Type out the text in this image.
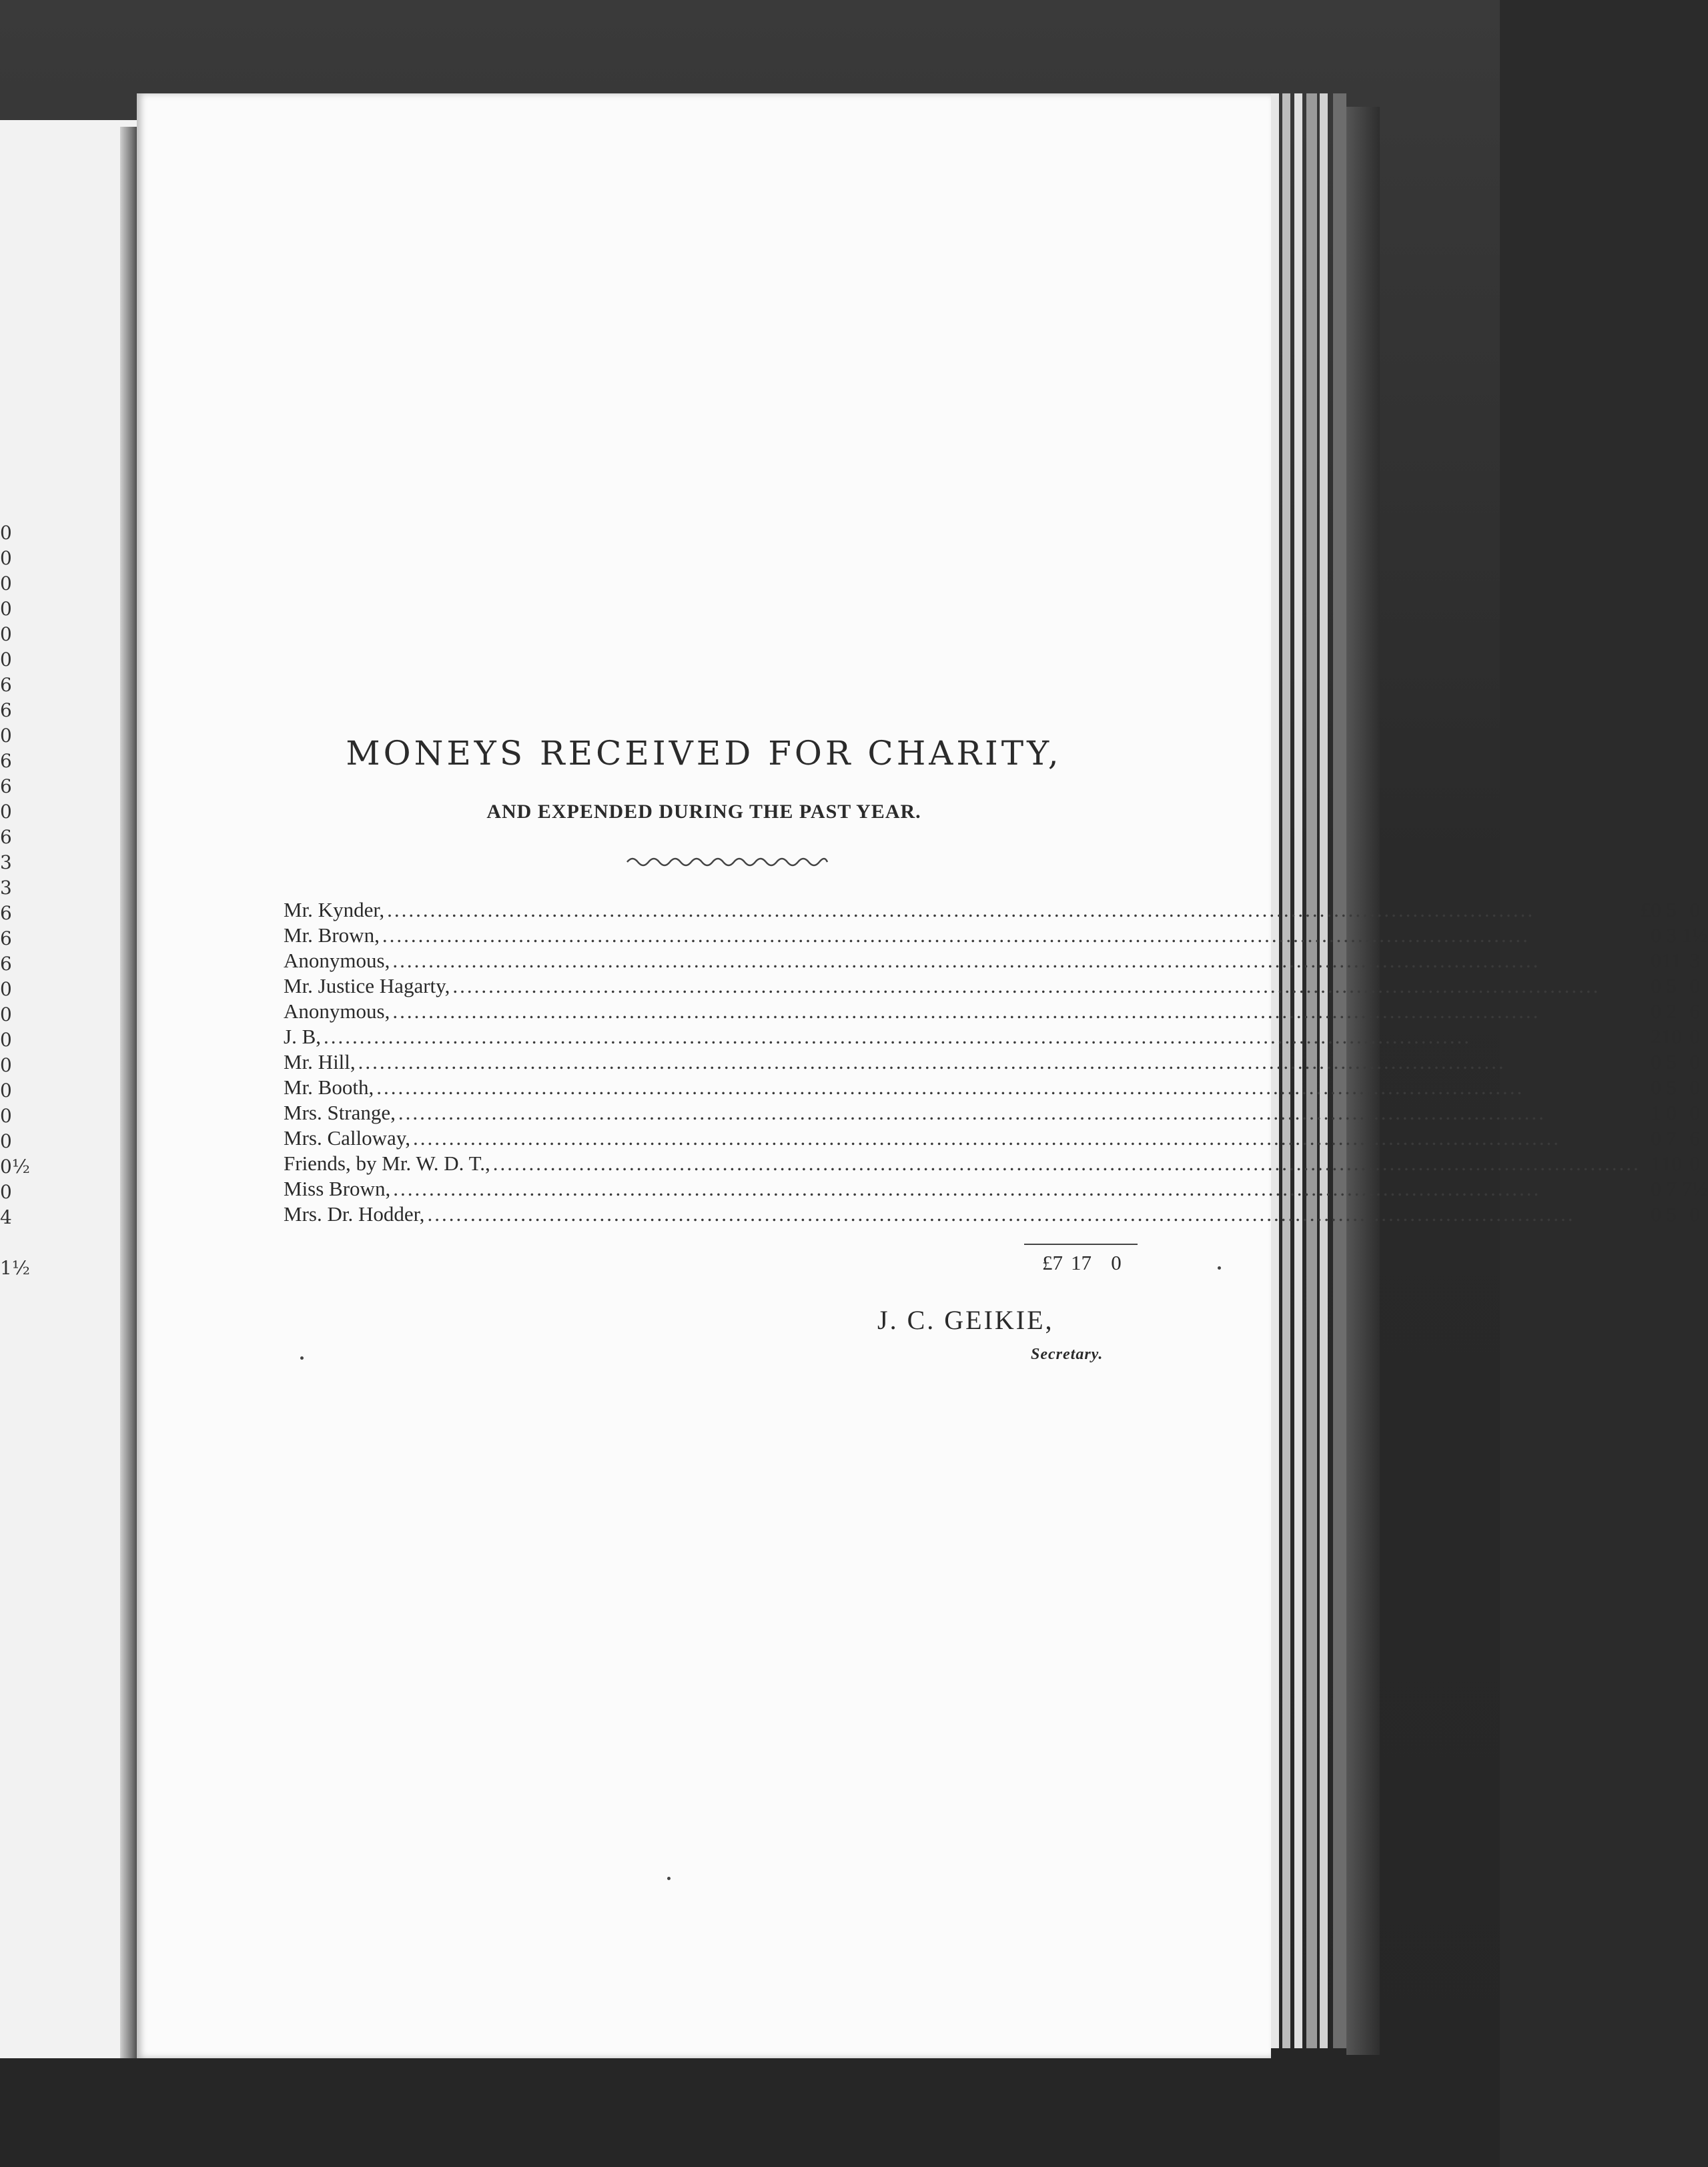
0
0
0
0
0
0
6
6
0
6
6
0
6
3
3
6
6
6
0
0
0
0
0
0
0
0½
0
4
1½
MONEYS RECEIVED FOR CHARITY,
AND EXPENDED DURING THE PAST YEAR.
Mr. Kynder, ................................................................................................................................................................	£0	5	0
Mr. Brown, ................................................................................................................................................................	0	3	1½
Anonymous, ................................................................................................................................................................	0	11	3
Mr. Justice Hagarty, ................................................................................................................................................................	0	5	0
Anonymous, ................................................................................................................................................................	0	2	6
J. B, ................................................................................................................................................................	2	10	0
Mr. Hill, ................................................................................................................................................................	0	5	0
Mr. Booth, ................................................................................................................................................................	0	5	0
Mrs. Strange, ................................................................................................................................................................	1	0	0
Mrs. Calloway, ................................................................................................................................................................	0	7	6
Friends, by Mr. W. D. T., ................................................................................................................................................................	1	10	0
Miss Brown, ................................................................................................................................................................	0	7	7½
Mrs. Dr. Hodder, ................................................................................................................................................................	0	5	0
£7 17 0
J. C. GEIKIE,
Secretary.
